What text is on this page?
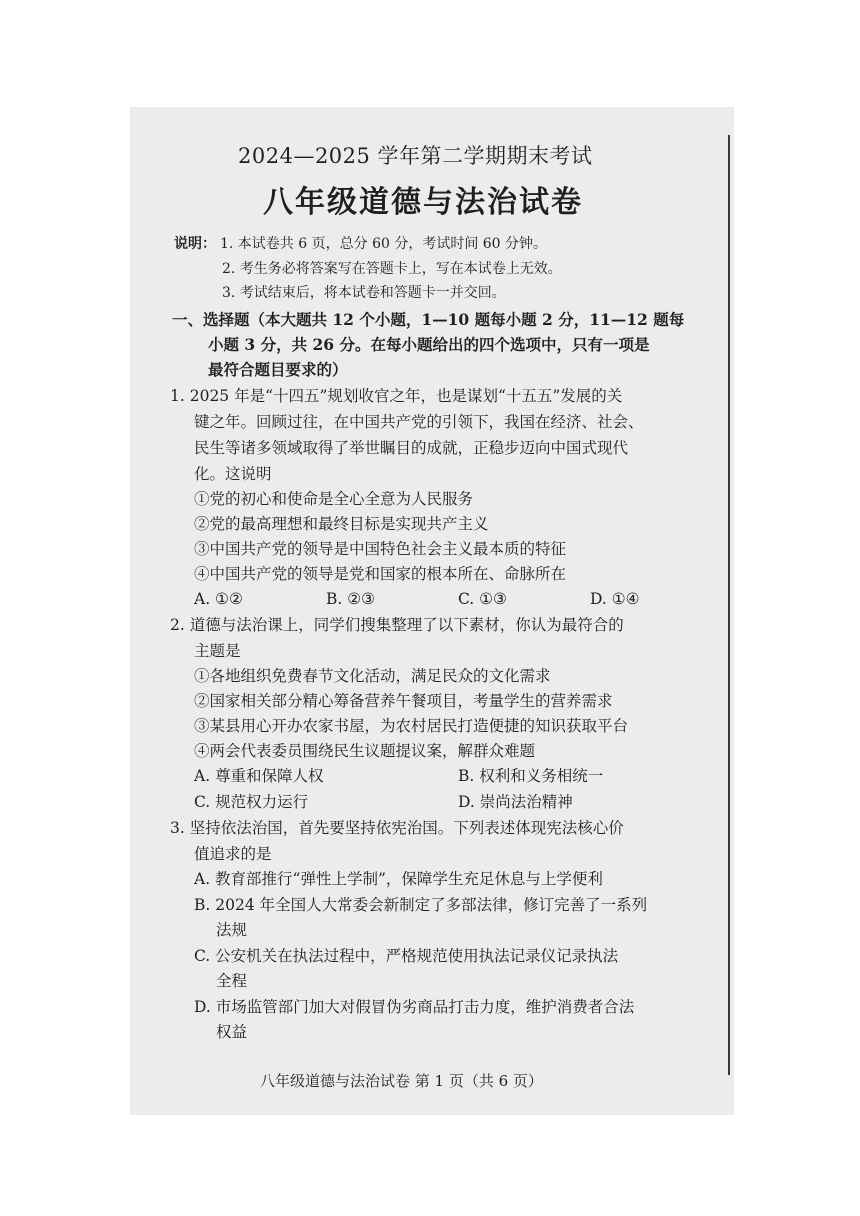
2024—2025 学年第二学期期末考试
八年级道德与法治试卷
说明： 1. 本试卷共 6 页，总分 60 分，考试时间 60 分钟。
2. 考生务必将答案写在答题卡上，写在本试卷上无效。
3. 考试结束后，将本试卷和答题卡一并交回。
一、选择题（本大题共 12 个小题，1—10 题每小题 2 分，11—12 题每
小题 3 分，共 26 分。在每小题给出的四个选项中，只有一项是
最符合题目要求的）
1. 2025 年是“十四五”规划收官之年，也是谋划“十五五”发展的关
键之年。回顾过往，在中国共产党的引领下，我国在经济、社会、
民生等诸多领域取得了举世瞩目的成就，正稳步迈向中国式现代
化。这说明
①党的初心和使命是全心全意为人民服务
②党的最高理想和最终目标是实现共产主义
③中国共产党的领导是中国特色社会主义最本质的特征
④中国共产党的领导是党和国家的根本所在、命脉所在
A. ①②	B. ②③	C. ①③	D. ①④
2. 道德与法治课上，同学们搜集整理了以下素材，你认为最符合的
主题是
①各地组织免费春节文化活动，满足民众的文化需求
②国家相关部分精心筹备营养午餐项目，考量学生的营养需求
③某县用心开办农家书屋，为农村居民打造便捷的知识获取平台
④两会代表委员围绕民生议题提议案，解群众难题
A. 尊重和保障人权	B. 权利和义务相统一
C. 规范权力运行	D. 崇尚法治精神
3. 坚持依法治国，首先要坚持依宪治国。下列表述体现宪法核心价
值追求的是
A. 教育部推行“弹性上学制”，保障学生充足休息与上学便利
B. 2024 年全国人大常委会新制定了多部法律，修订完善了一系列
法规
C. 公安机关在执法过程中，严格规范使用执法记录仪记录执法
全程
D. 市场监管部门加大对假冒伪劣商品打击力度，维护消费者合法
权益
八年级道德与法治试卷 第 1 页（共 6 页）
